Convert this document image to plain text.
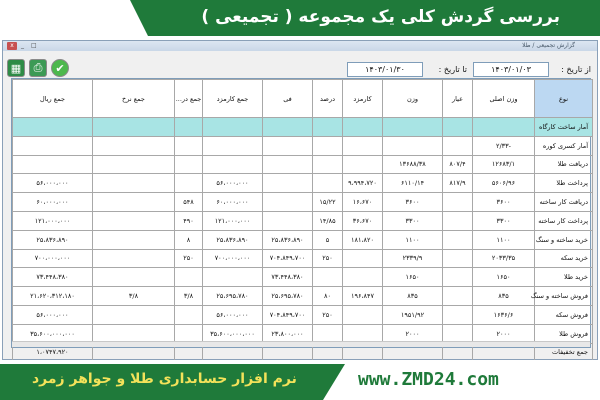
بررسی گردش کلی یک مجموعه ( تجمیعی )
گزارش تجمیعی / طلا
x	_ □
▦ ⎙ ✔	از تاریخ :
۱۴۰۳/۰۱/۰۳
تا تاریخ :
۱۴۰۳/۰۱/۳۰
نوع	وزن اصلی	عیار	وزن	کارمزد	درصد	فی	جمع کارمزد	جمع در...	جمع نرخ	جمع ریال
آمار ساخت کارگاه										
آمار کسری کوره	-۲/۳۳									
دریافت طلا	۱۲۶۸۳/۱	۸۰۷/۴	۱۳۶۸۸/۳۸							
پرداخت طلا	۵۶۰۶/۹۶	۸۱۷/۹	۶۱۱۰/۱۴	۹،۹۹۴،۷۲۰			۵۶،۰۰۰،۰۰۰			۵۶،۰۰۰،۰۰۰
دریافت کار ساخته	۳۶۰۰		۳۶۰۰	۱۶،۶۷۰	۱۵/۲۲		۶۰،۰۰۰،۰۰۰	۵۴۸		۶۰،۰۰۰،۰۰۰
پرداخت کار ساخته	۳۳۰۰		۳۳۰۰	۳۶،۶۷۰	۱۴/۸۵		۱۲۱،۰۰۰،۰۰۰	۴۹۰		۱۲۱،۰۰۰،۰۰۰
خرید ساخته و سنگ	۱۱۰۰		۱۱۰۰	۱۸۱،۸۲۰	۵	۲۵،۸۳۶،۸۹۰	۲۵،۸۳۶،۸۹۰	۸		۲۵،۸۳۶،۸۹۰
خرید سکه	۲۰۳۳/۳۵		۲۳۳۹/۹		۲۵۰	۷۰۴،۸۴۹،۷۰۰	۷۰۰،۰۰۰،۰۰۰	۲۵۰		۷۰۰،۰۰۰،۰۰۰
خرید طلا	۱۶۵۰		۱۶۵۰			۷۳،۴۴۸،۳۸۰				۷۳،۴۴۸،۳۸۰
فروش ساخته و سنگ	۸۳۵		۸۳۵	۱۹۶،۸۴۷	۸۰	۲۵،۶۹۵،۷۸۰	۲۵،۶۹۵،۷۸۰	۳/۸	۳/۸	۲۱،۶۲۰،۳۱۲،۱۸۰
فروش سکه	۱۶۳۶/۶		۱۹۵۱/۹۲		۲۵۰	۷۰۴،۸۴۹،۷۰۰	۵۶،۰۰۰،۰۰۰			۵۶،۰۰۰،۰۰۰
فروش طلا	۲۰۰۰		۲۰۰۰			۲۳،۸۰۰،۰۰۰	۳۵،۶۰۰،۰۰۰،۰۰۰			۳۵،۶۰۰،۰۰۰،۰۰۰
جمع تخفیفات										۱،۰۷۴۷،۹۲۰
نرم افزار حسابداری طلا و جواهر زمرد	www.ZMD24.com
